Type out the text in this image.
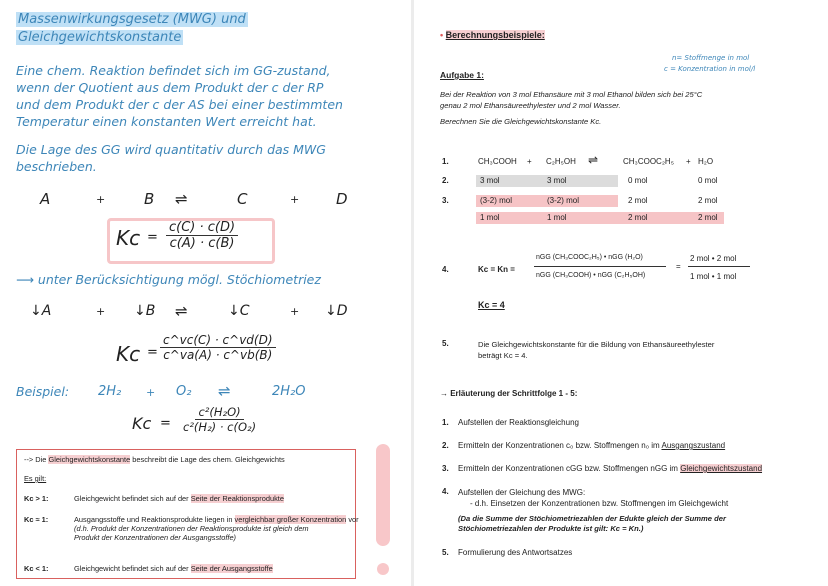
Massenwirkungsgesetz (MWG) und
Gleichgewichtskonstante
Eine chem. Reaktion befindet sich im GG-zustand,
wenn der Quotient aus dem Produkt der c der RP
und dem Produkt der c der AS bei einer bestimmten
Temperatur einen konstanten Wert erreicht hat.
Die Lage des GG wird quantitativ durch das MWG
beschrieben.
A	+	B ⇌	C	+ D
$Kc = \frac{c(C) \cdot c(D)}{c(A) \cdot c(B)}$
⟶ unter Berücksichtigung mögl. Stöchiometriez
↓A	+ ↓B ⇌	↓C	+ ↓D
$Kc = \frac{c\^{}vc(C) \cdot c\^{}vd(D)}{c\^{}va(A) \cdot c\^{}vb(B)}$
Beispiel: 2H₂ + O₂ ⇌	2H₂O
$Kc = \frac{\text{c²(H₂O)}}{\text{c²(H₂) · c(O₂)}}$
--> Die Gleichgewichtskonstante beschreibt die Lage des chem. Gleichgewichts
Es gilt:
Kc > 1:	Gleichgewicht befindet sich auf der Seite der Reaktionsprodukte
Kc ≈ 1:	Ausgangsstoffe und Reaktionsprodukte liegen in vergleichbar großer Konzentration vor
(d.h. Produkt der Konzentrationen der Reaktionsprodukte ist gleich dem
Produkt der Konzentrationen der Ausgangsstoffe)
Kc < 1:	Gleichgewicht befindet sich auf der Seite der Ausgangsstoffe
• Berechnungsbeispiele:
n= Stoffmenge in mol
c = Konzentration in mol/l
Aufgabe 1:
Bei der Reaktion von 3 mol Ethansäure mit 3 mol Ethanol bilden sich bei 25°C
genau 2 mol Ethansäureethylester und 2 mol Wasser.
Berechnen Sie die Gleichgewichtskonstante Kc.
1.	CH₃COOH + C₂H₅OH ⇌	CH₃COOC₂H₅ + H₂O
2.	3 mol	3 mol	0 mol	0 mol
3.	(3-2) mol	(3-2) mol	2 mol	2 mol
1 mol	1 mol	2 mol	2 mol
4.	Kc = Kn =
nGG (CH₃COOC₂H₅) • nGG (H₂O)
nGG (CH₃COOH) • nGG (C₂H₅OH)
=
2 mol • 2 mol
1 mol • 1 mol
Kc = 4
5.	Die Gleichgewichtskonstante für die Bildung von Ethansäureethylester
beträgt Kc = 4.
→ Erläuterung der Schrittfolge 1 - 5:
1. Aufstellen der Reaktionsgleichung
2. Ermitteln der Konzentrationen c₀ bzw. Stoffmengen n₀ im Ausgangszustand
3. Ermitteln der Konzentrationen cGG bzw. Stoffmengen nGG im Gleichgewichtszustand
4. Aufstellen der Gleichung des MWG:
- d.h. Einsetzen der Konzentrationen bzw. Stoffmengen im Gleichgewicht
(Da die Summe der Stöchiometriezahlen der Edukte gleich der Summe der
Stöchiometriezahlen der Produkte ist gilt: Kc = Kn.)
5. Formulierung des Antwortsatzes
